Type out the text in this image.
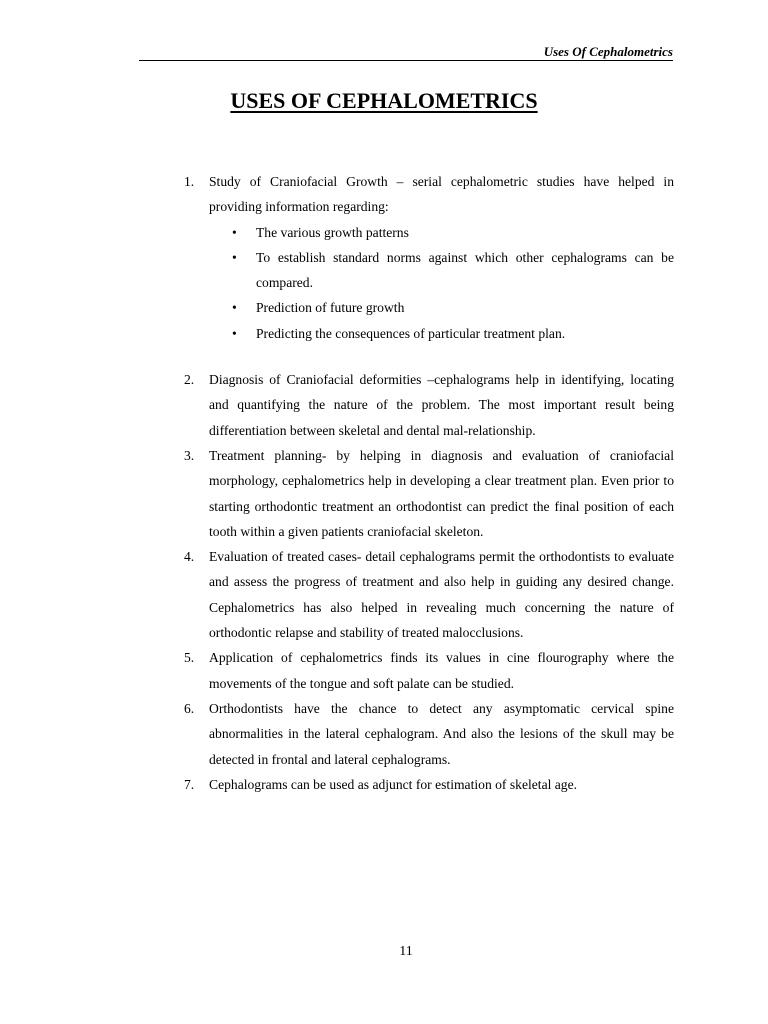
Uses Of Cephalometrics
USES OF CEPHALOMETRICS
1. Study of Craniofacial Growth – serial cephalometric studies have helped in providing information regarding:
• The various growth patterns
• To establish standard norms against which other cephalograms can be compared.
• Prediction of future growth
• Predicting the consequences of particular treatment plan.
2. Diagnosis of Craniofacial deformities –cephalograms help in identifying, locating and quantifying the nature of the problem. The most important result being differentiation between skeletal and dental mal-relationship.
3. Treatment planning- by helping in diagnosis and evaluation of craniofacial morphology, cephalometrics help in developing a clear treatment plan. Even prior to starting orthodontic treatment an orthodontist can predict the final position of each tooth within a given patients craniofacial skeleton.
4. Evaluation of treated cases- detail cephalograms permit the orthodontists to evaluate and assess the progress of treatment and also help in guiding any desired change. Cephalometrics has also helped in revealing much concerning the nature of orthodontic relapse and stability of treated malocclusions.
5. Application of cephalometrics finds its values in cine flourography where the movements of the tongue and soft palate can be studied.
6. Orthodontists have the chance to detect any asymptomatic cervical spine abnormalities in the lateral cephalogram. And also the lesions of the skull may be detected in frontal and lateral cephalograms.
7. Cephalograms can be used as adjunct for estimation of skeletal age.
11
